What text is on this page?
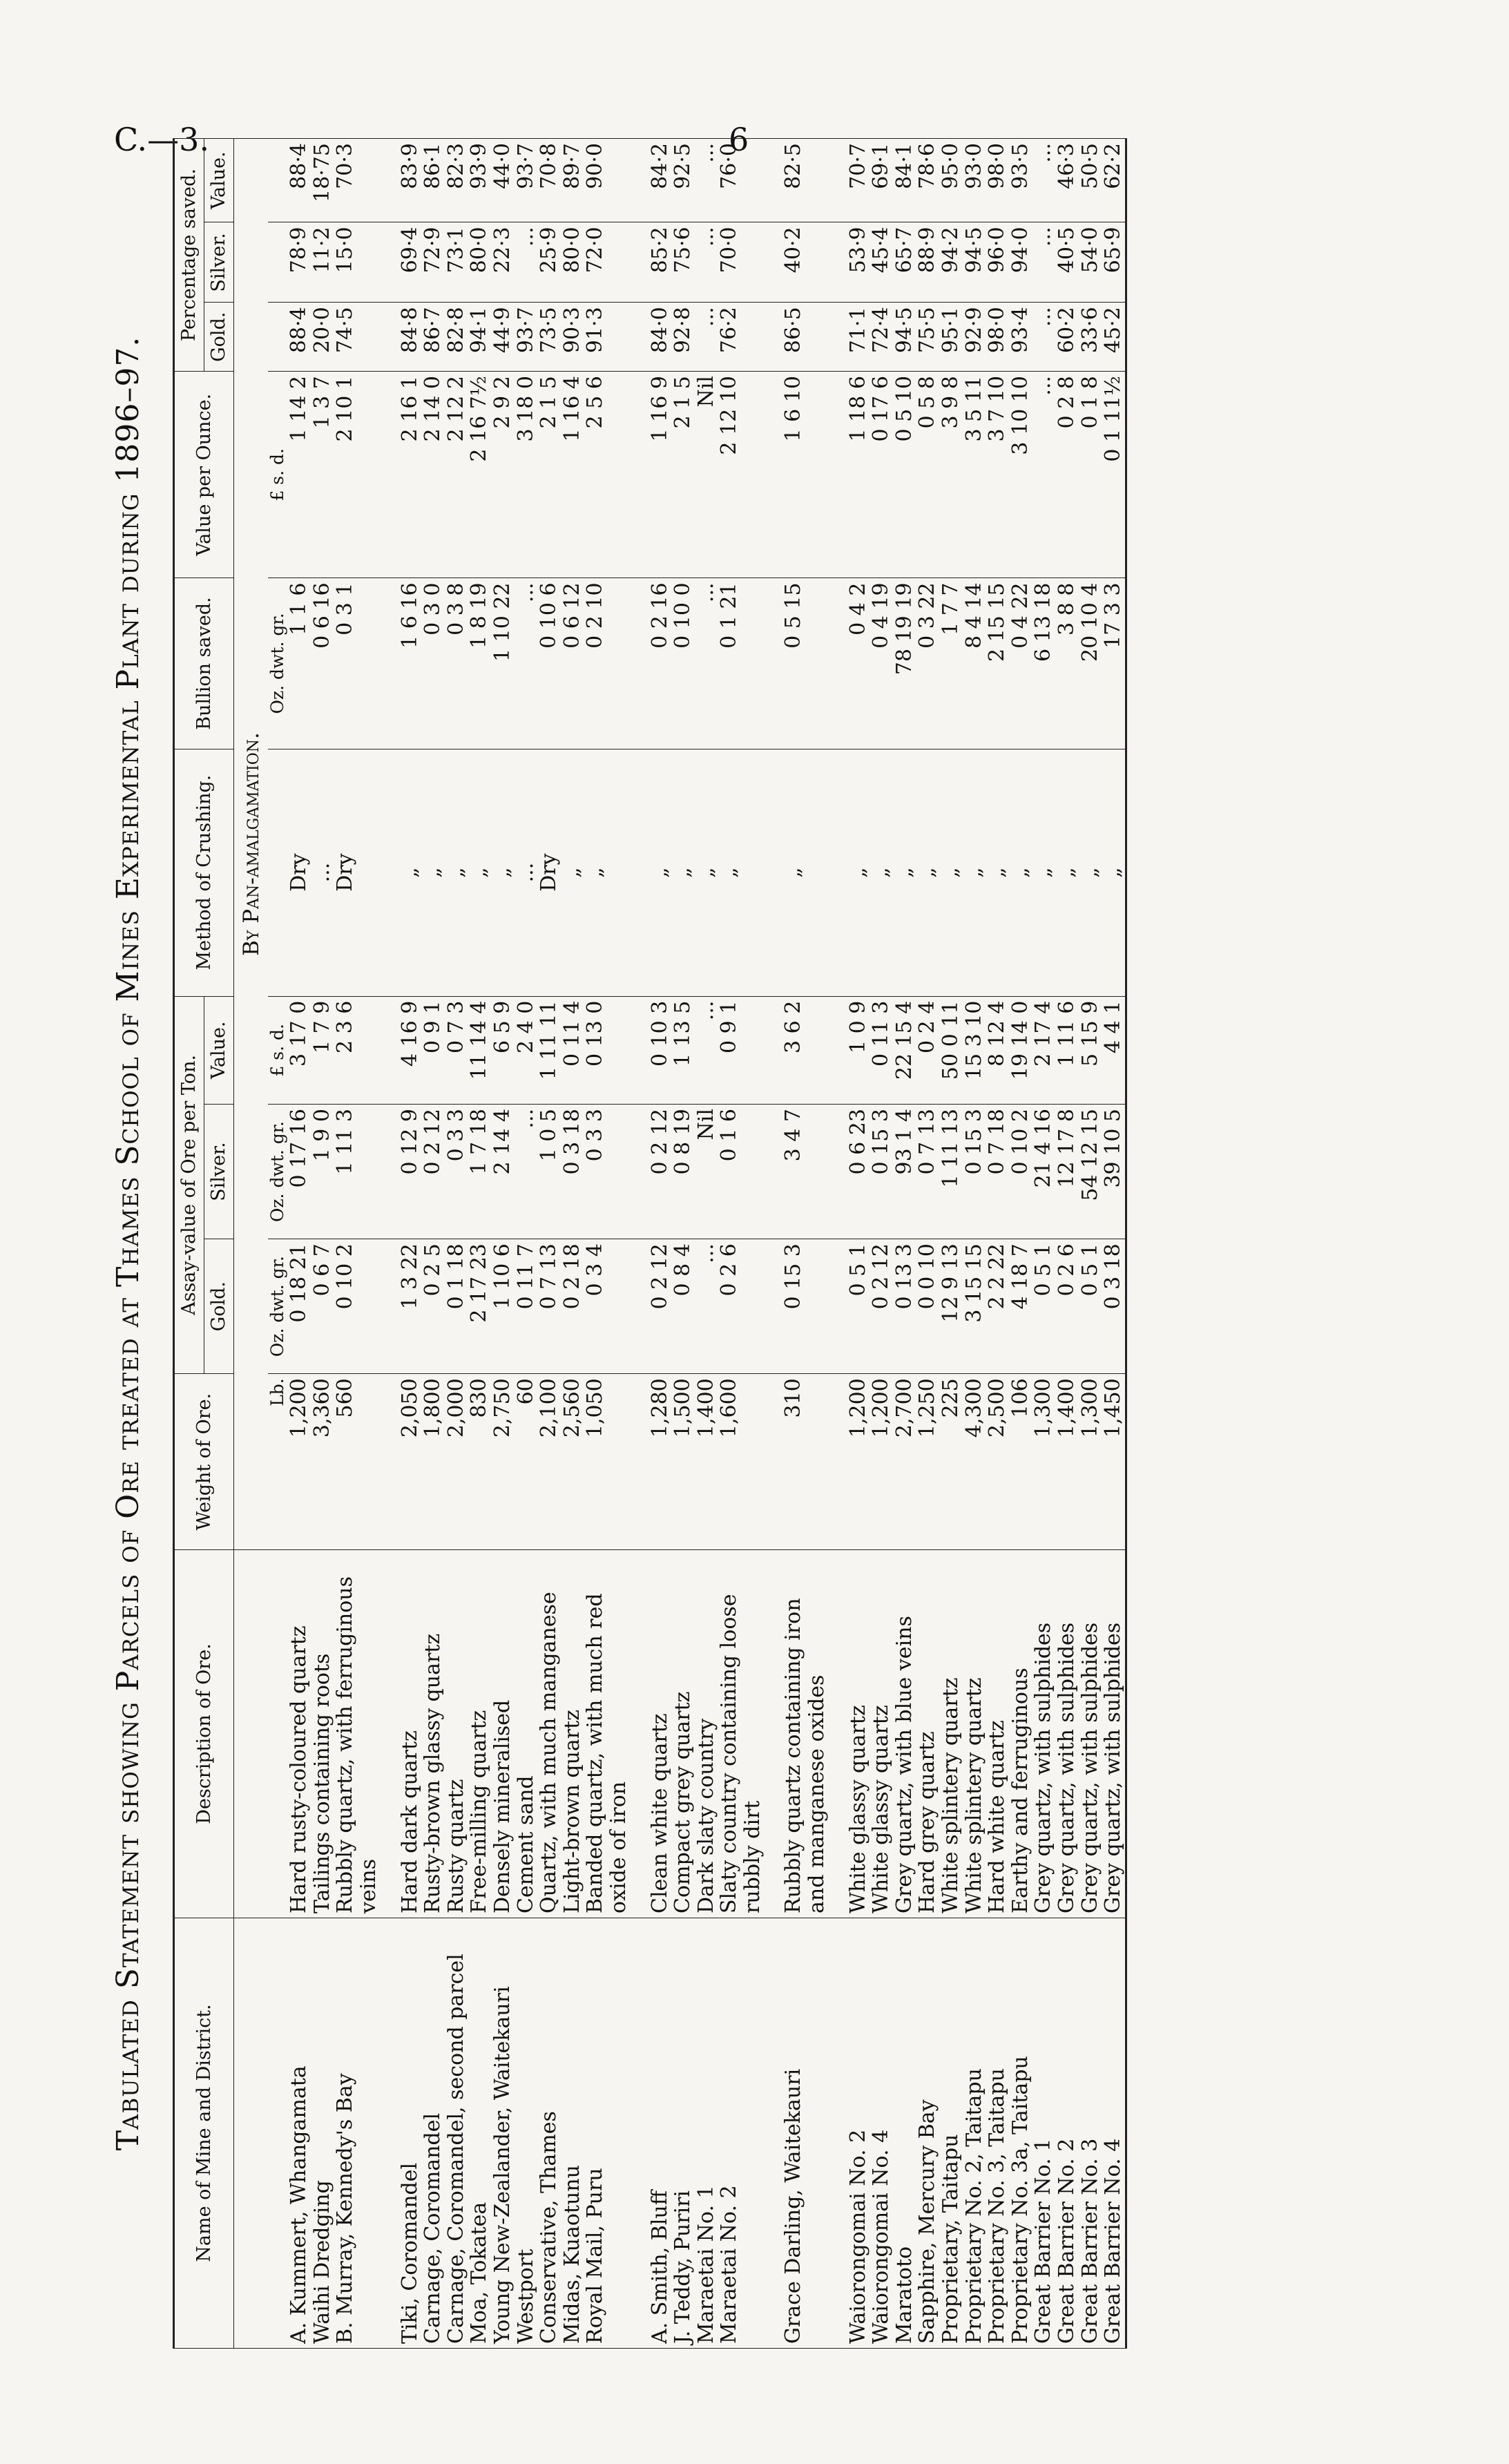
C.—3.	6
Tabulated Statement showing Parcels of Ore treated at Thames School of Mines Experimental Plant during 1896–97.	Name of Mine and District.	Description of Ore.	Weight of Ore.	Assay-value of Ore per Ton.			Method of Crushing.	Bullion saved.	Value per Ounce.	Percentage saved.		
			Gold.	Silver.	Value.				Gold.	Silver.	Value.
		By Pan-amalgamation.									
		Lb.	Oz. dwt. gr.	Oz. dwt. gr.	£ s. d.		Oz. dwt. gr.	£ s. d.			
A. Kummert, Whangamata	Hard rusty-coloured quartz	1,200	0 18 21	0 17 16	3 17 0	Dry	1 1 6	1 14 2	88·4	78·9	88·4
Waihi Dredging	Tailings containing roots	3,360	0 6 7	1 9 0	1 7 9	...	0 6 16	1 3 7	20·0	11·2	18·75
B. Murray, Kennedy's Bay	Rubbly quartz, with ferruginous veins	560	0 10 2	1 11 3	2 3 6	Dry	0 3 1	2 10 1	74·5	15·0	70·3

Tiki, Coromandel	Hard dark quartz	2,050	1 3 22	0 12 9	4 16 9	„	1 6 16	2 16 1	84·8	69·4	83·9
Carnage, Coromandel	Rusty-brown glassy quartz	1,800	0 2 5	0 2 12	0 9 1	„	0 3 0	2 14 0	86·7	72·9	86·1
Carnage, Coromandel, second parcel	Rusty quartz	2,000	0 1 18	0 3 3	0 7 3	„	0 3 8	2 12 2	82·8	73·1	82·3
Moa, Tokatea	Free-milling quartz	830	2 17 23	1 7 18	11 14 4	„	1 8 19	2 16 7½	94·1	80·0	93·9
Young New-Zealander, Waitekauri	Densely mineralised	2,750	1 10 6	2 14 4	6 5 9	„	1 10 22	2 9 2	44·9	22·3	44·0
Westport	Cement sand	60	0 11 7	...	2 4 0	...	...	3 18 0	93·7	...	93·7
Conservative, Thames	Quartz, with much manganese	2,100	0 7 13	1 0 5	1 11 11	Dry	0 10 6	2 1 5	73·5	25·9	70·8
Midas, Kuaotunu	Light-brown quartz	2,560	0 2 18	0 3 18	0 11 4	„	0 6 12	1 16 4	90·3	80·0	89·7
Royal Mail, Puru	Banded quartz, with much red oxide of iron	1,050	0 3 4	0 3 3	0 13 0	„	0 2 10	2 5 6	91·3	72·0	90·0

A. Smith, Bluff	Clean white quartz	1,280	0 2 12	0 2 12	0 10 3	„	0 2 16	1 16 9	84·0	85·2	84·2
J. Teddy, Puriri	Compact grey quartz	1,500	0 8 4	0 8 19	1 13 5	„	0 10 0	2 1 5	92·8	75·6	92·5
Maraetai No. 1	Dark slaty country	1,400	...	Nil	...	„	...	Nil	...	...	...
Maraetai No. 2	Slaty country containing loose rubbly dirt	1,600	0 2 6	0 1 6	0 9 1	„	0 1 21	2 12 10	76·2	70·0	76·0

Grace Darling, Waitekauri	Rubbly quartz containing iron and manganese oxides	310	0 15 3	3 4 7	3 6 2	„	0 5 15	1 6 10	86·5	40·2	82·5

Waiorongomai No. 2	White glassy quartz	1,200	0 5 1	0 6 23	1 0 9	„	0 4 2	1 18 6	71·1	53·9	70·7
Waiorongomai No. 4	White glassy quartz	1,200	0 2 12	0 15 3	0 11 3	„	0 4 19	0 17 6	72·4	45·4	69·1
Maratoto	Grey quartz, with blue veins	2,700	0 13 3	93 1 4	22 15 4	„	78 19 19	0 5 10	94·5	65·7	84·1
Sapphire, Mercury Bay	Hard grey quartz	1,250	0 0 10	0 7 13	0 2 4	„	0 3 22	0 5 8	75·5	88·9	78·6
Proprietary, Taitapu	White splintery quartz	225	12 9 13	1 11 13	50 0 11	„	1 7 7	3 9 8	95·1	94·2	95·0
Proprietary No. 2, Taitapu	White splintery quartz	4,300	3 15 15	0 15 3	15 3 10	„	8 4 14	3 5 11	92·9	94·5	93·0
Proprietary No. 3, Taitapu	Hard white quartz	2,500	2 2 22	0 7 18	8 12 4	„	2 15 15	3 7 10	98·0	96·0	98·0
Proprietary No. 3a, Taitapu	Earthy and ferruginous	106	4 18 7	0 10 2	19 14 0	„	0 4 22	3 10 10	93·4	94·0	93·5
Great Barrier No. 1	Grey quartz, with sulphides	1,300	0 5 1	21 4 16	2 17 4	„	6 13 18	...	...	...	...
Great Barrier No. 2	Grey quartz, with sulphides	1,400	0 2 6	12 17 8	1 11 6	„	3 8 8	0 2 8	60·2	40·5	46·3
Great Barrier No. 3	Grey quartz, with sulphides	1,300	0 5 1	54 12 15	5 15 9	„	20 10 4	0 1 8	33·6	54·0	50·5
Great Barrier No. 4	Grey quartz, with sulphides	1,450	0 3 18	39 10 5	4 4 1	„	17 3 3	0 1 11½	45·2	65·9	62·2
